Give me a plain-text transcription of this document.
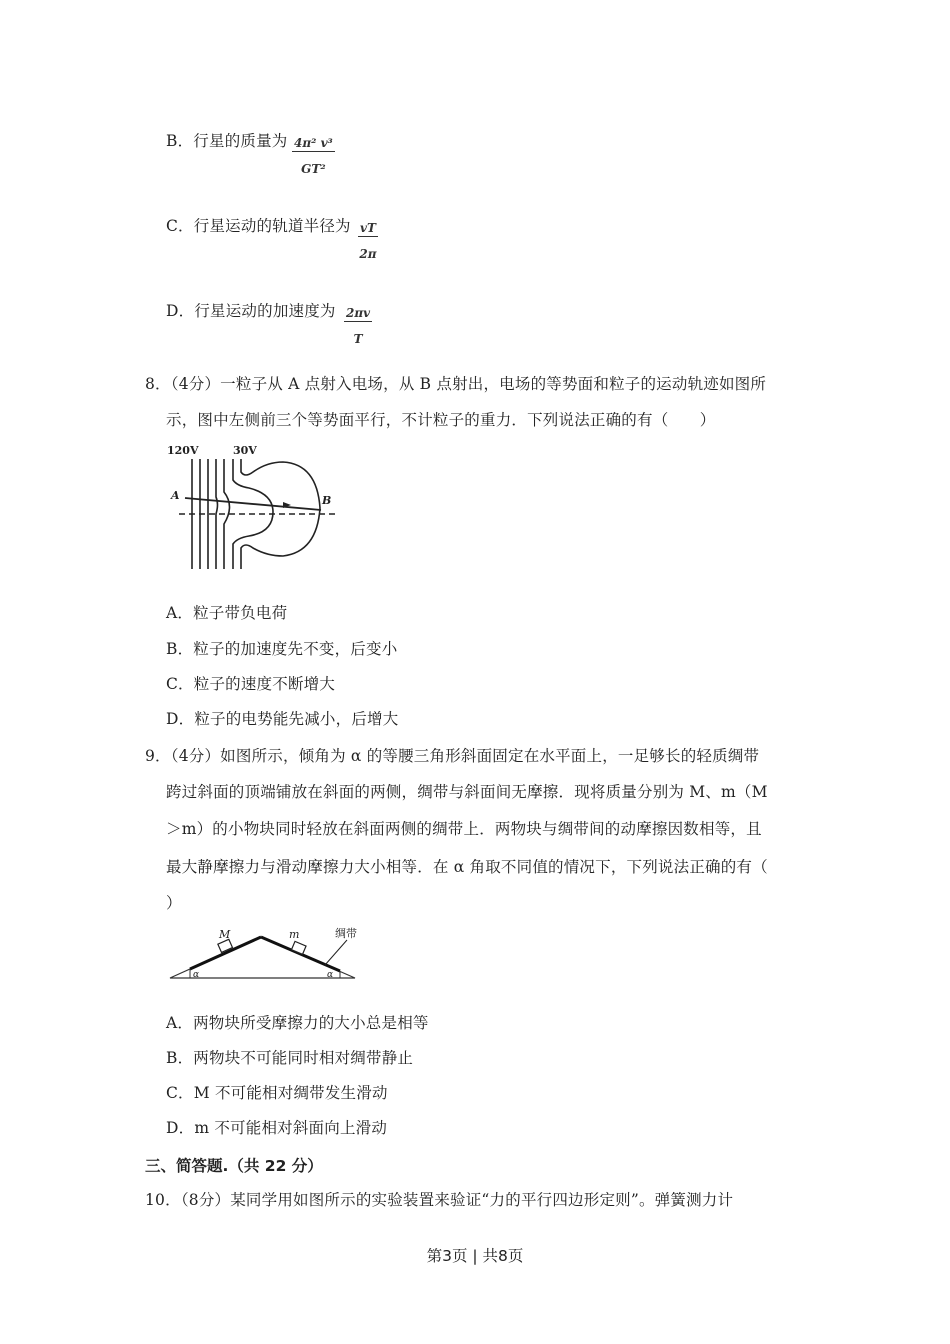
B．行星的质量为 $\frac{\text{4π² v³}}{\text{GT²}}$
C．行星运动的轨道半径为 $\frac{vT}{2\pi}$
D．行星运动的加速度为 $\frac{2\pi v}{T}$
8．（4分）一粒子从 A 点射入电场，从 B 点射出，电场的等势面和粒子的运动轨迹如图所
示，图中左侧前三个等势面平行，不计粒子的重力．下列说法正确的有（　　）
120V	30V
A	B
A．粒子带负电荷
B．粒子的加速度先不变，后变小
C．粒子的速度不断增大
D．粒子的电势能先减小，后增大
9．（4分）如图所示，倾角为 α 的等腰三角形斜面固定在水平面上，一足够长的轻质绸带
跨过斜面的顶端铺放在斜面的两侧，绸带与斜面间无摩擦．现将质量分别为 M、m（M
＞m）的小物块同时轻放在斜面两侧的绸带上．两物块与绸带间的动摩擦因数相等，且
最大静摩擦力与滑动摩擦力大小相等．在 α 角取不同值的情况下，下列说法正确的有（
）
M	m	绸带
α	α
A．两物块所受摩擦力的大小总是相等
B．两物块不可能同时相对绸带静止
C．M 不可能相对绸带发生滑动
D．m 不可能相对斜面向上滑动
三、简答题.（共 22 分）
10．（8分）某同学用如图所示的实验装置来验证“力的平行四边形定则”。弹簧测力计
第3页 | 共8页
